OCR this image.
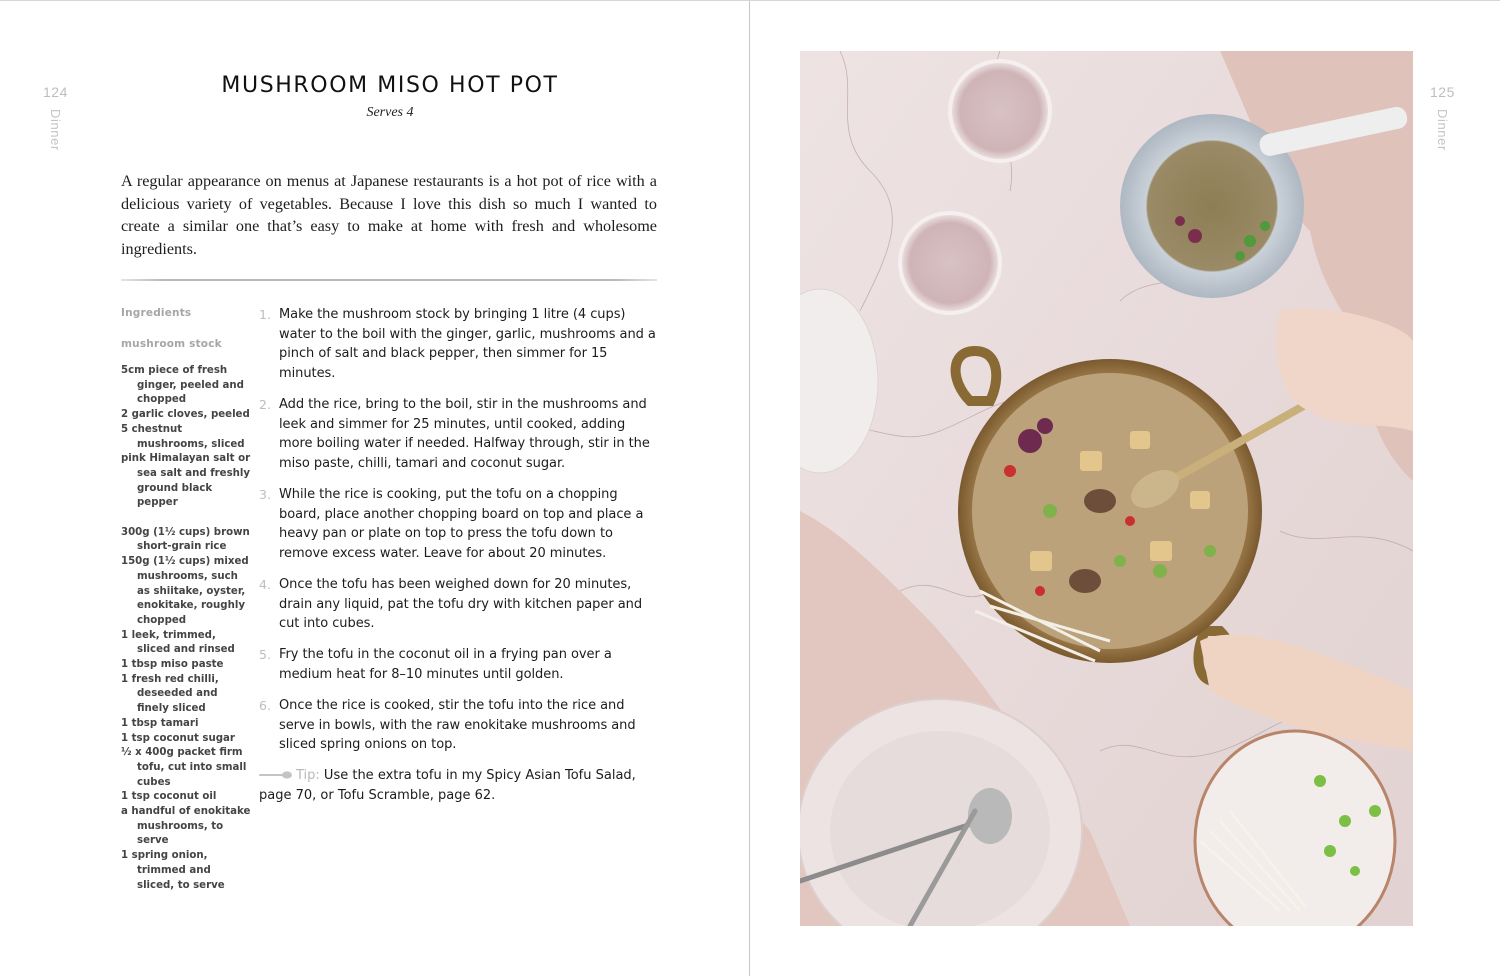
124
Dinner
MUSHROOM MISO HOT POT
Serves 4

A regular appearance on menus at Japanese restaurants is a hot pot of rice with a delicious variety of vegetables. Because I love this dish so much I wanted to create a similar one that’s easy to make at home with fresh and wholesome ingredients.

Ingredients
mushroom stock
5cm piece of fresh ginger, peeled and chopped
2 garlic cloves, peeled
5 chestnut mushrooms, sliced
pink Himalayan salt or sea salt and freshly ground black pepper
300g (1½ cups) brown short-grain rice
150g (1½ cups) mixed mushrooms, such as shiitake, oyster, enokitake, roughly chopped
1 leek, trimmed, sliced and rinsed
1 tbsp miso paste
1 fresh red chilli, deseeded and finely sliced
1 tbsp tamari
1 tsp coconut sugar
½ x 400g packet firm tofu, cut into small cubes
1 tsp coconut oil
a handful of enokitake mushrooms, to serve
1 spring onion, trimmed and sliced, to serve
1. Make the mushroom stock by bringing 1 litre (4 cups) water to the boil with the ginger, garlic, mushrooms and a pinch of salt and black pepper, then simmer for 15 minutes.
2. Add the rice, bring to the boil, stir in the mushrooms and leek and simmer for 25 minutes, until cooked, adding more boiling water if needed. Halfway through, stir in the miso paste, chilli, tamari and coconut sugar.
3. While the rice is cooking, put the tofu on a chopping board, place another chopping board on top and place a heavy pan or plate on top to press the tofu down to remove excess water. Leave for about 20 minutes.
4. Once the tofu has been weighed down for 20 minutes, drain any liquid, pat the tofu dry with kitchen paper and cut into cubes.
5. Fry the tofu in the coconut oil in a frying pan over a medium heat for 8–10 minutes until golden.
6. Once the rice is cooked, stir the tofu into the rice and serve in bowls, with the raw enokitake mushrooms and sliced spring onions on top.
Tip: Use the extra tofu in my Spicy Asian Tofu Salad, page 70, or Tofu Scramble, page 62.
125
Dinner
